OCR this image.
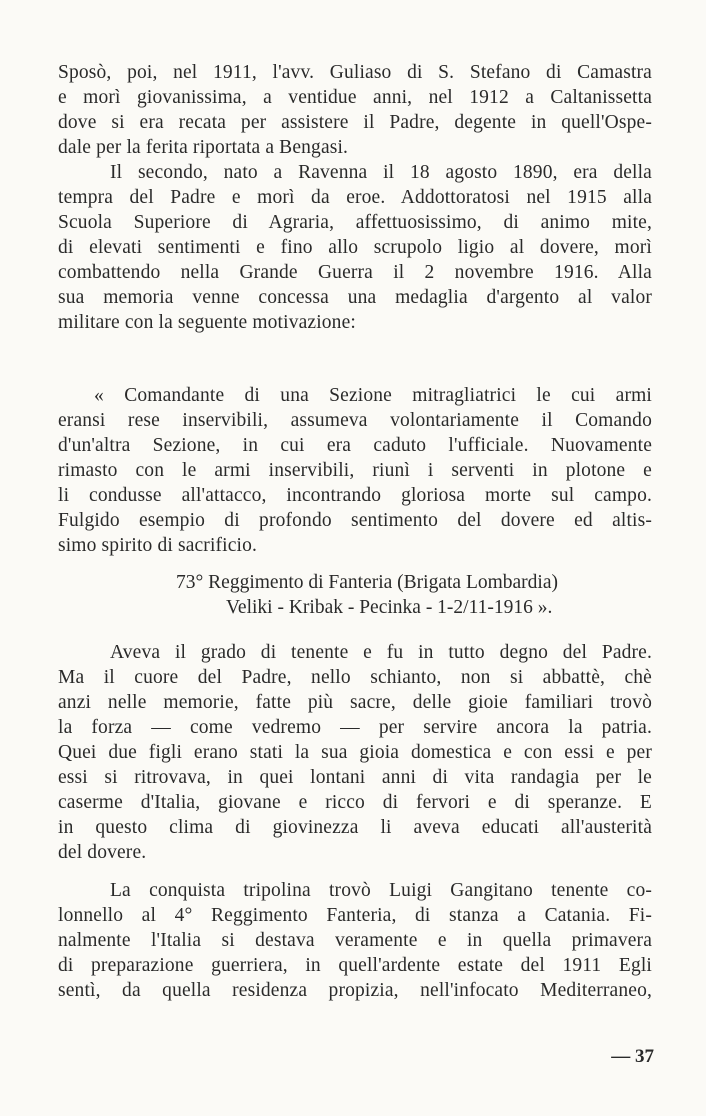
Sposò, poi, nel 1911, l'avv. Guliaso di S. Stefano di Camastra
e morì giovanissima, a ventidue anni, nel 1912 a Caltanissetta
dove si era recata per assistere il Padre, degente in quell'Ospe-
dale per la ferita riportata a Bengasi.
Il secondo, nato a Ravenna il 18 agosto 1890, era della
tempra del Padre e morì da eroe. Addottoratosi nel 1915 alla
Scuola Superiore di Agraria, affettuosissimo, di animo mite,
di elevati sentimenti e fino allo scrupolo ligio al dovere, morì
combattendo nella Grande Guerra il 2 novembre 1916. Alla
sua memoria venne concessa una medaglia d'argento al valor
militare con la seguente motivazione:
« Comandante di una Sezione mitragliatrici le cui armi
eransi rese inservibili, assumeva volontariamente il Comando
d'un'altra Sezione, in cui era caduto l'ufficiale. Nuovamente
rimasto con le armi inservibili, riunì i serventi in plotone e
li condusse all'attacco, incontrando gloriosa morte sul campo.
Fulgido esempio di profondo sentimento del dovere ed altis-
simo spirito di sacrificio.
73° Reggimento di Fanteria (Brigata Lombardia)
Veliki - Kribak - Pecinka - 1-2/11-1916 ».
Aveva il grado di tenente e fu in tutto degno del Padre.
Ma il cuore del Padre, nello schianto, non si abbattè, chè
anzi nelle memorie, fatte più sacre, delle gioie familiari trovò
la forza — come vedremo — per servire ancora la patria.
Quei due figli erano stati la sua gioia domestica e con essi e per
essi si ritrovava, in quei lontani anni di vita randagia per le
caserme d'Italia, giovane e ricco di fervori e di speranze. E
in questo clima di giovinezza li aveva educati all'austerità
del dovere.
La conquista tripolina trovò Luigi Gangitano tenente co-
lonnello al 4° Reggimento Fanteria, di stanza a Catania. Fi-
nalmente l'Italia si destava veramente e in quella primavera
di preparazione guerriera, in quell'ardente estate del 1911 Egli
sentì, da quella residenza propizia, nell'infocato Mediterraneo,
— 37
